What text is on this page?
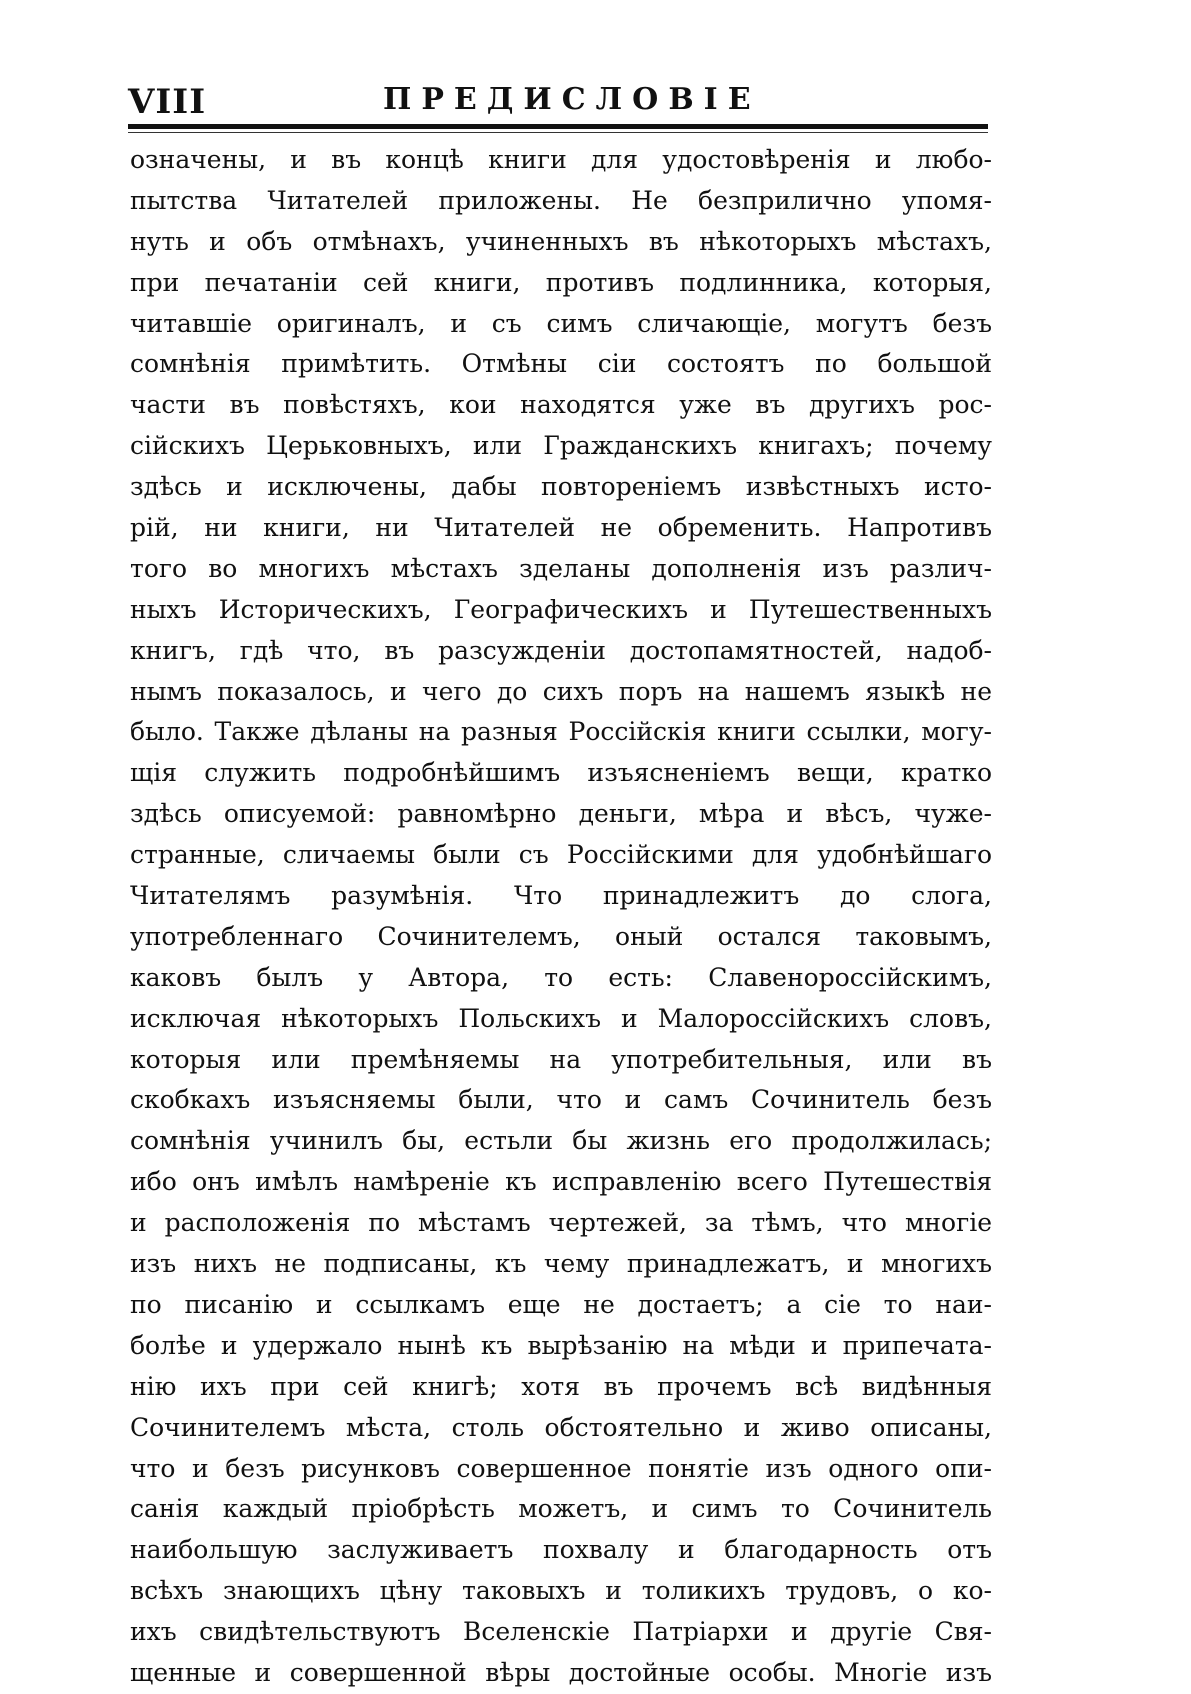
VIII	ПРЕДИСЛОВІЕ
означены, и въ концѣ книги для удостовѣренія и любо-
пытства Читателей приложены. Не безприлично упомя-
нуть и объ отмѣнахъ, учиненныхъ въ нѣкоторыхъ мѣстахъ,
при печатаніи сей книги, противъ подлинника, которыя,
читавшіе оригиналъ, и съ симъ сличающіе, могутъ безъ
сомнѣнія примѣтить. Отмѣны сіи состоятъ по большой
части въ повѣстяхъ, кои находятся уже въ другихъ рос-
сійскихъ Церьковныхъ, или Гражданскихъ книгахъ; почему
здѣсь и исключены, дабы повтореніемъ извѣстныхъ исто-
рій, ни книги, ни Читателей не обременить. Напротивъ
того во многихъ мѣстахъ зделаны дополненія изъ различ-
ныхъ Историческихъ, Географическихъ и Путешественныхъ
книгъ, гдѣ что, въ разсужденіи достопамятностей, надоб-
нымъ показалось, и чего до сихъ поръ на нашемъ языкѣ не
было. Также дѣланы на разныя Россійскія книги ссылки, могу-
щія служить подробнѣйшимъ изъясненіемъ вещи, кратко
здѣсь описуемой: равномѣрно деньги, мѣра и вѣсъ, чуже-
странные, сличаемы были съ Россійскими для удобнѣйшаго
Читателямъ разумѣнія. Что принадлежитъ до слога,
употребленнаго Сочинителемъ, оный остался таковымъ,
каковъ былъ у Автора, то есть: Славенороссійскимъ,
исключая нѣкоторыхъ Польскихъ и Малороссійскихъ словъ,
которыя или премѣняемы на употребительныя, или въ
скобкахъ изъясняемы были, что и самъ Сочинитель безъ
сомнѣнія учинилъ бы, естьли бы жизнь его продолжилась;
ибо онъ имѣлъ намѣреніе къ исправленію всего Путешествія
и расположенія по мѣстамъ чертежей, за тѣмъ, что многіе
изъ нихъ не подписаны, къ чему принадлежатъ, и многихъ
по писанію и ссылкамъ еще не достаетъ; а сіе то наи-
болѣе и удержало нынѣ къ вырѣзанію на мѣди и припечата-
нію ихъ при сей книгѣ; хотя въ прочемъ всѣ видѣнныя
Сочинителемъ мѣста, столь обстоятельно и живо описаны,
что и безъ рисунковъ совершенное понятіе изъ одного опи-
санія каждый пріобрѣсть можетъ, и симъ то Сочинитель
наибольшую заслуживаетъ похвалу и благодарность отъ
всѣхъ знающихъ цѣну таковыхъ и толикихъ трудовъ, о ко-
ихъ свидѣтельствуютъ Вселенскіе Патріархи и другіе Свя-
щенные и совершенной вѣры достойные особы. Многіе изъ
